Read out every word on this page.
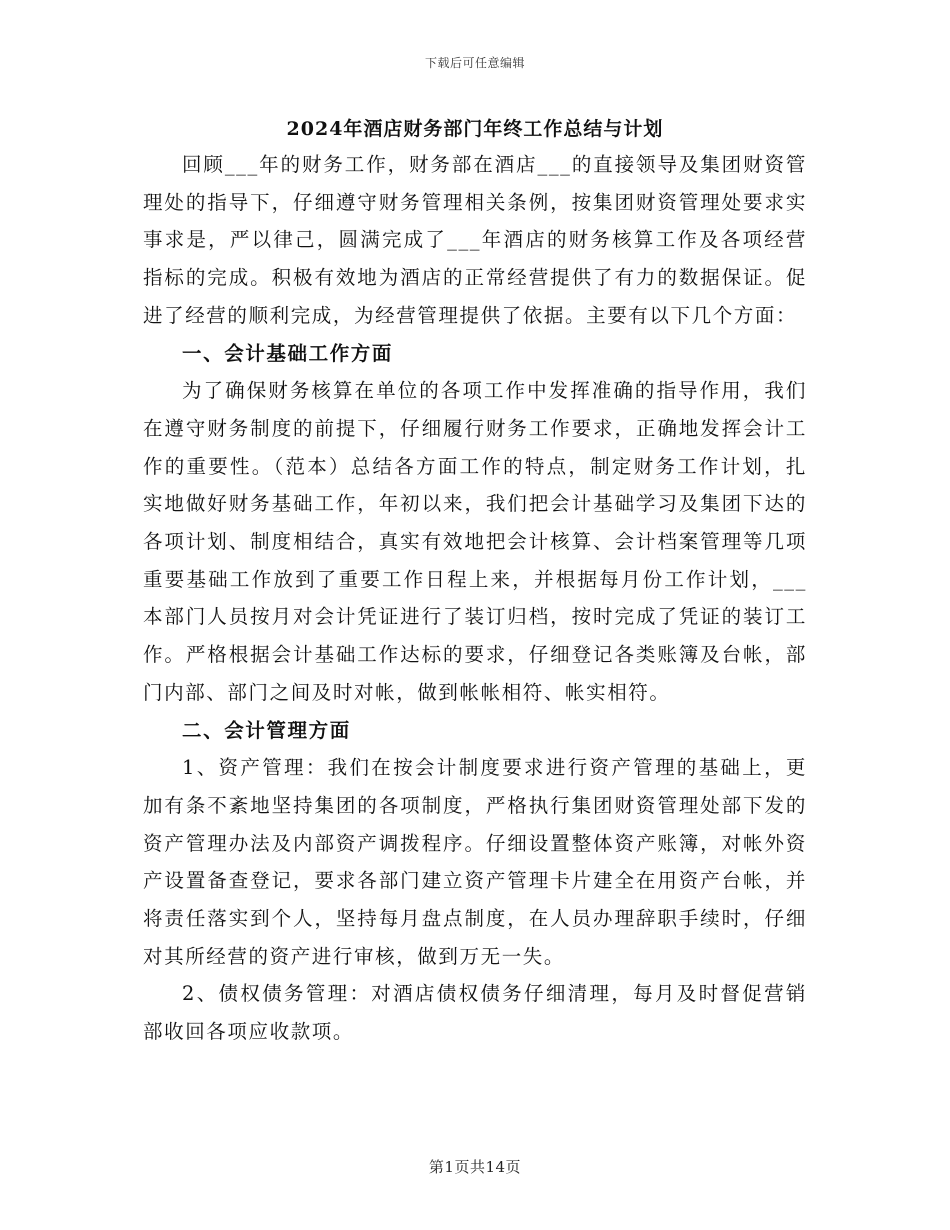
下载后可任意编辑
2024年酒店财务部门年终工作总结与计划

回顾___年的财务工作，财务部在酒店___的直接领导及集团财资管理处的指导下，仔细遵守财务管理相关条例，按集团财资管理处要求实事求是，严以律己，圆满完成了___年酒店的财务核算工作及各项经营指标的完成。积极有效地为酒店的正常经营提供了有力的数据保证。促进了经营的顺利完成，为经营管理提供了依据。主要有以下几个方面：

一、会计基础工作方面

为了确保财务核算在单位的各项工作中发挥准确的指导作用，我们在遵守财务制度的前提下，仔细履行财务工作要求，正确地发挥会计工作的重要性。（范本）总结各方面工作的特点，制定财务工作计划，扎实地做好财务基础工作，年初以来，我们把会计基础学习及集团下达的各项计划、制度相结合，真实有效地把会计核算、会计档案管理等几项重要基础工作放到了重要工作日程上来，并根据每月份工作计划，___本部门人员按月对会计凭证进行了装订归档，按时完成了凭证的装订工作。严格根据会计基础工作达标的要求，仔细登记各类账簿及台帐，部门内部、部门之间及时对帐，做到帐帐相符、帐实相符。

二、会计管理方面

1、资产管理：我们在按会计制度要求进行资产管理的基础上，更加有条不紊地坚持集团的各项制度，严格执行集团财资管理处部下发的资产管理办法及内部资产调拨程序。仔细设置整体资产账簿，对帐外资产设置备查登记，要求各部门建立资产管理卡片建全在用资产台帐，并将责任落实到个人，坚持每月盘点制度，在人员办理辞职手续时，仔细对其所经营的资产进行审核，做到万无一失。

2、债权债务管理：对酒店债权债务仔细清理，每月及时督促营销部收回各项应收款项。

第1页共14页
